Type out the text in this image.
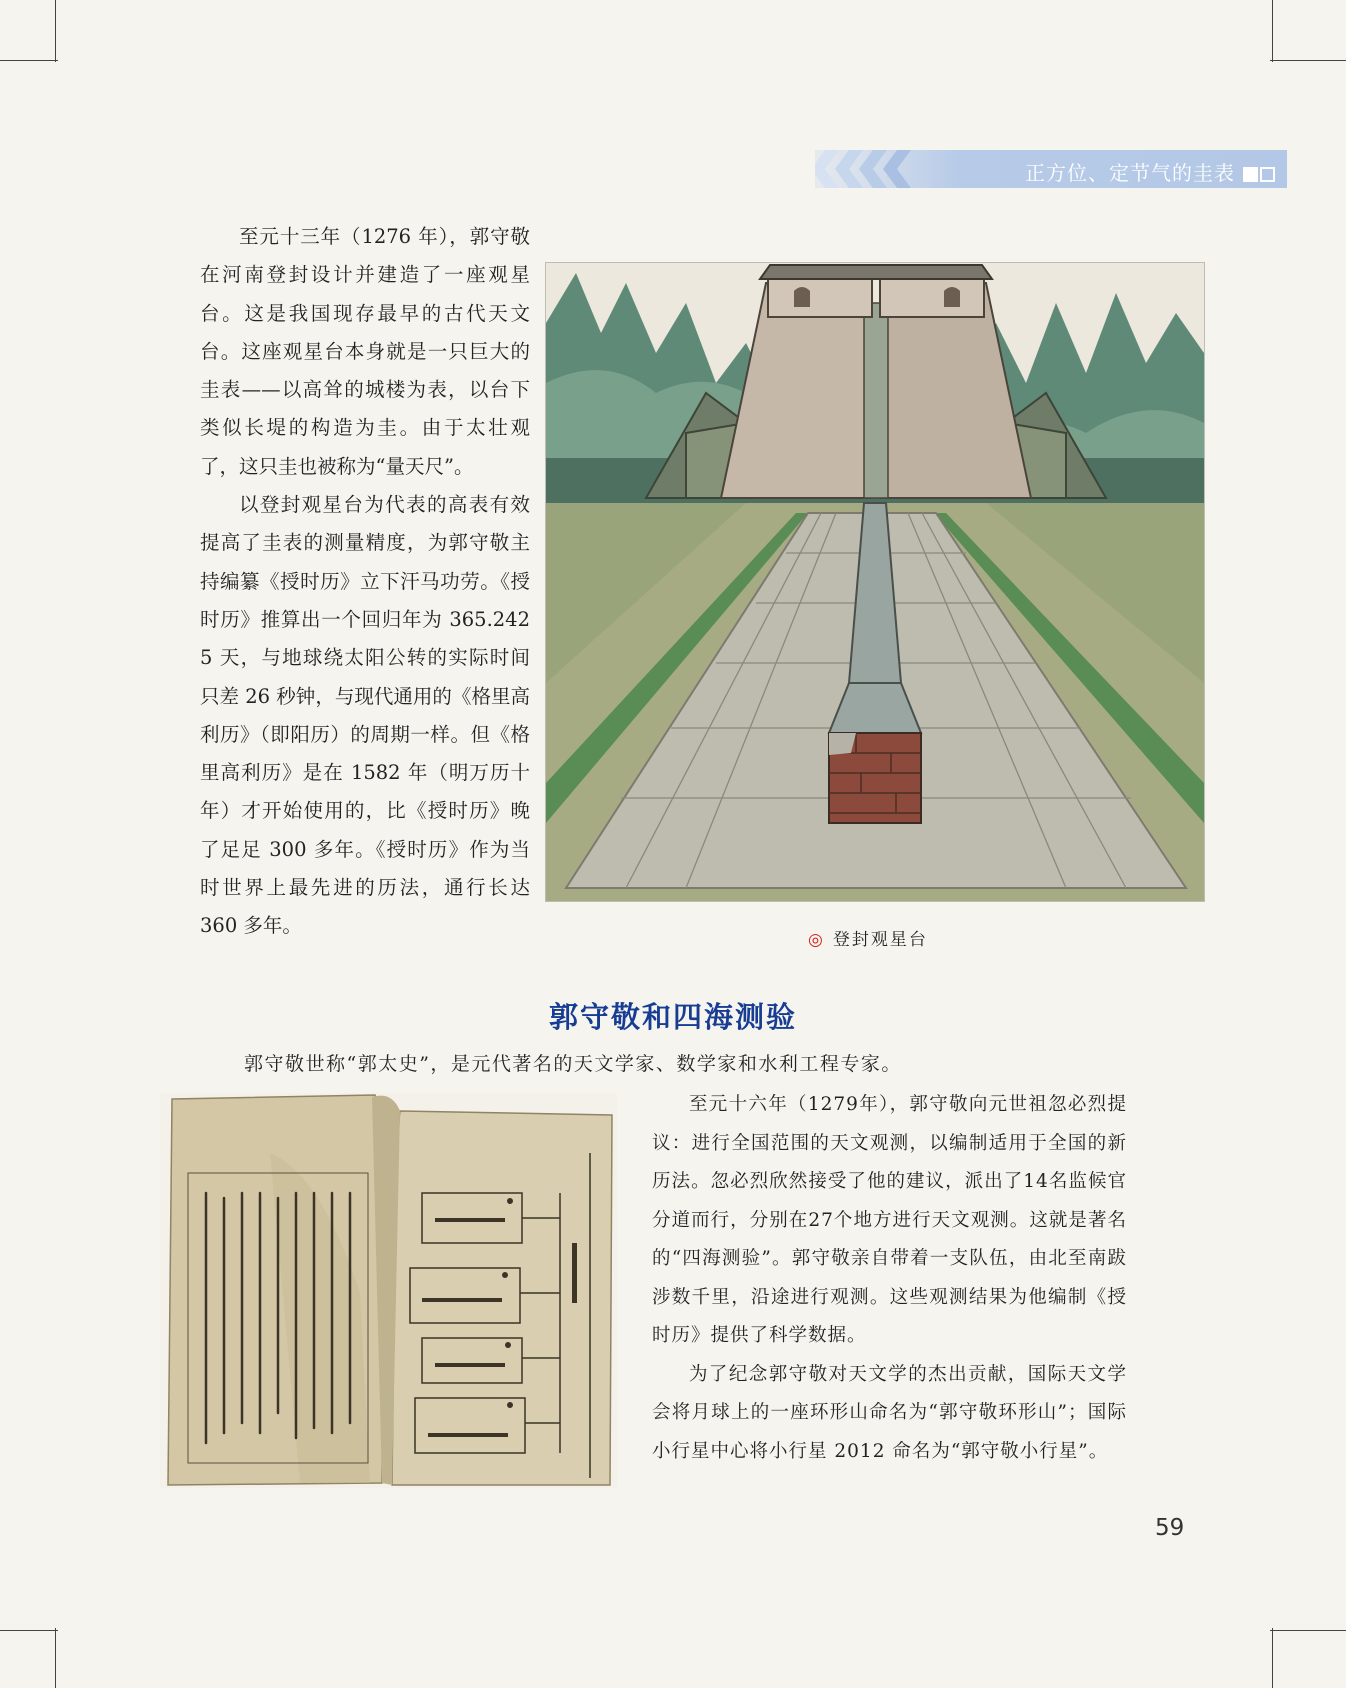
正方位、定节气的圭表

至元十三年（1276 年），郭守敬在河南登封设计并建造了一座观星台。这是我国现存最早的古代天文台。这座观星台本身就是一只巨大的圭表——以高耸的城楼为表，以台下类似长堤的构造为圭。由于太壮观了，这只圭也被称为“量天尺”。

以登封观星台为代表的高表有效提高了圭表的测量精度，为郭守敬主持编纂《授时历》立下汗马功劳。《授时历》推算出一个回归年为 365.242 5 天，与地球绕太阳公转的实际时间只差 26 秒钟，与现代通用的《格里高利历》（即阳历）的周期一样。但《格里高利历》是在 1582 年（明万历十年）才开始使用的，比《授时历》晚了足足 300 多年。《授时历》作为当时世界上最先进的历法，通行长达 360 多年。

◎ 登封观星台
郭守敬和四海测验
郭守敬世称“郭太史”，是元代著名的天文学家、数学家和水利工程专家。

至元十六年（1279年），郭守敬向元世祖忽必烈提议：进行全国范围的天文观测，以编制适用于全国的新历法。忽必烈欣然接受了他的建议，派出了14名监候官分道而行，分别在27个地方进行天文观测。这就是著名的“四海测验”。郭守敬亲自带着一支队伍，由北至南跋涉数千里，沿途进行观测。这些观测结果为他编制《授时历》提供了科学数据。

为了纪念郭守敬对天文学的杰出贡献，国际天文学会将月球上的一座环形山命名为“郭守敬环形山”；国际小行星中心将小行星 2012 命名为“郭守敬小行星”。

59
